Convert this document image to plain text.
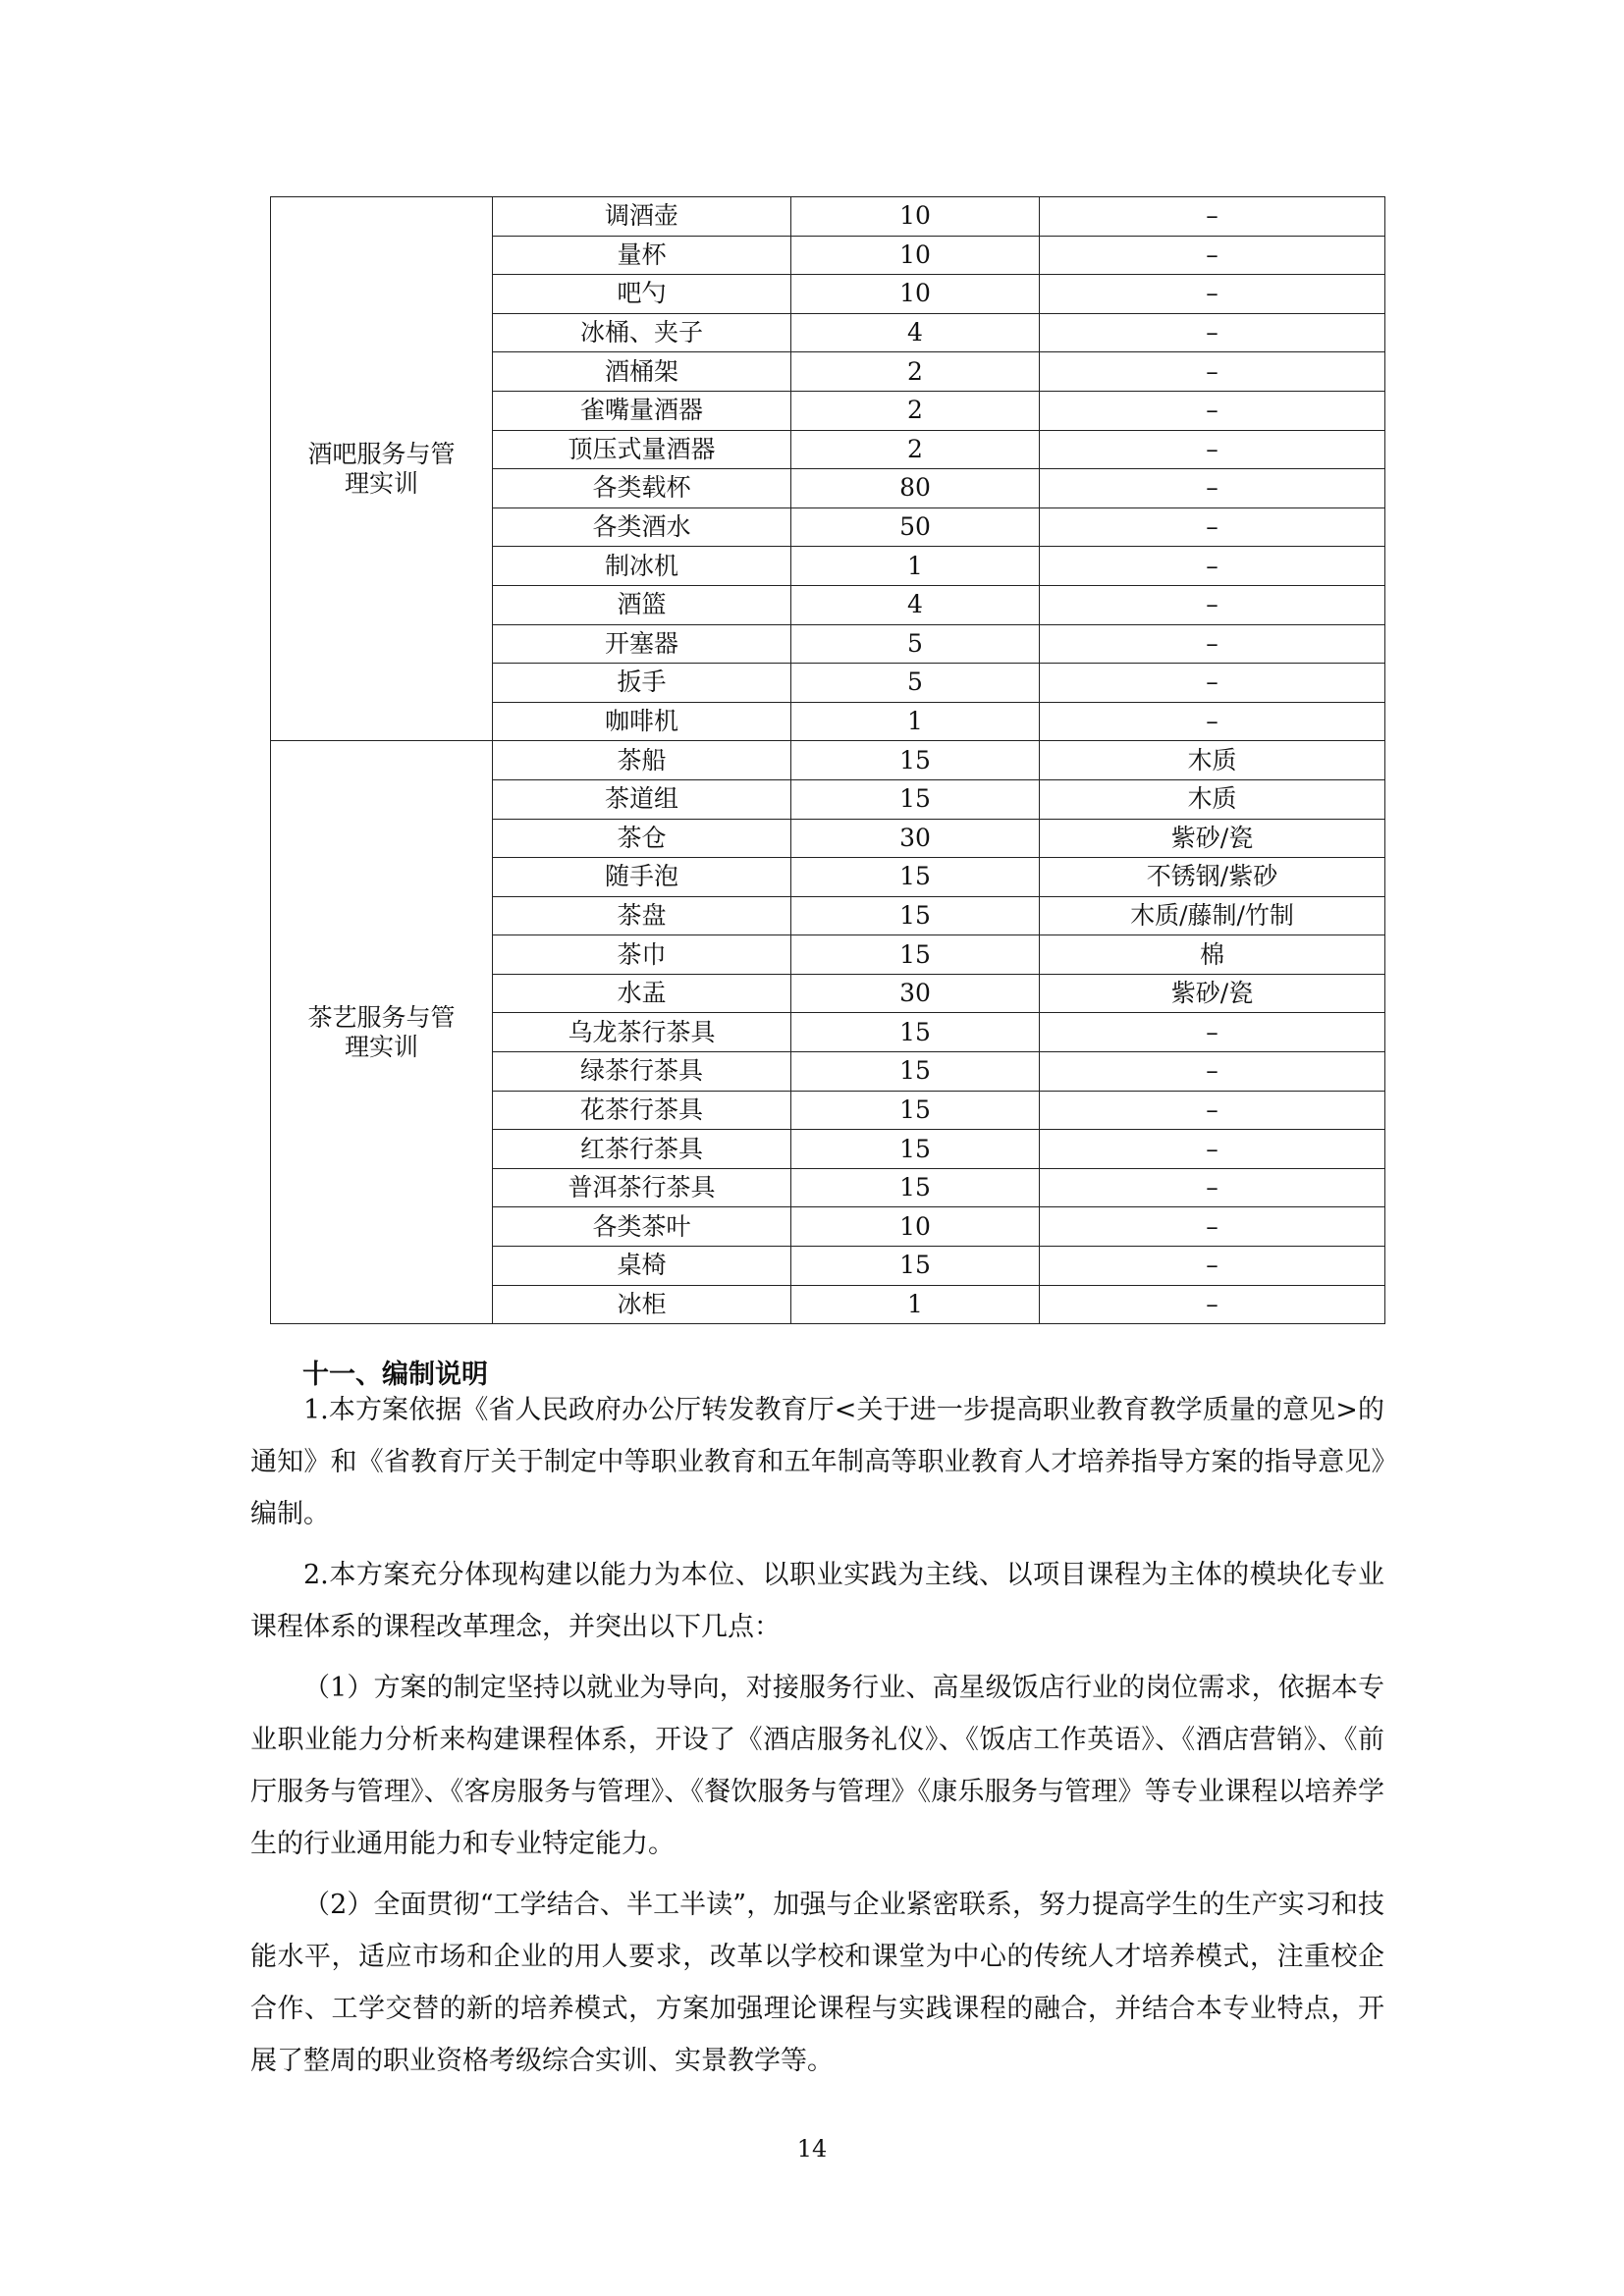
酒吧服务与管理实训	调酒壶	10	–
	量杯	10	–
	吧勺	10	–
	冰桶、夹子	4	–
	酒桶架	2	–
	雀嘴量酒器	2	–
	顶压式量酒器	2	–
	各类载杯	80	–
	各类酒水	50	–
	制冰机	1	–
	酒篮	4	–
	开塞器	5	–
	扳手	5	–
	咖啡机	1	–
茶艺服务与管理实训	茶船	15	木质
	茶道组	15	木质
	茶仓	30	紫砂/瓷
	随手泡	15	不锈钢/紫砂
	茶盘	15	木质/藤制/竹制
	茶巾	15	棉
	水盂	30	紫砂/瓷
	乌龙茶行茶具	15	–
	绿茶行茶具	15	–
	花茶行茶具	15	–
	红茶行茶具	15	–
	普洱茶行茶具	15	–
	各类茶叶	10	–
	桌椅	15	–
	冰柜	1	–
十一、编制说明

1.本方案依据《省人民政府办公厅转发教育厅<关于进一步提高职业教育教学质量的意见>的通知》和《省教育厅关于制定中等职业教育和五年制高等职业教育人才培养指导方案的指导意见》编制。

2.本方案充分体现构建以能力为本位、以职业实践为主线、以项目课程为主体的模块化专业课程体系的课程改革理念，并突出以下几点：

（1）方案的制定坚持以就业为导向，对接服务行业、高星级饭店行业的岗位需求，依据本专业职业能力分析来构建课程体系，开设了《酒店服务礼仪》、《饭店工作英语》、《酒店营销》、《前厅服务与管理》、《客房服务与管理》、《餐饮服务与管理》《康乐服务与管理》等专业课程以培养学生的行业通用能力和专业特定能力。

（2）全面贯彻“工学结合、半工半读”，加强与企业紧密联系，努力提高学生的生产实习和技能水平，适应市场和企业的用人要求，改革以学校和课堂为中心的传统人才培养模式，注重校企合作、工学交替的新的培养模式，方案加强理论课程与实践课程的融合，并结合本专业特点，开展了整周的职业资格考级综合实训、实景教学等。

14
